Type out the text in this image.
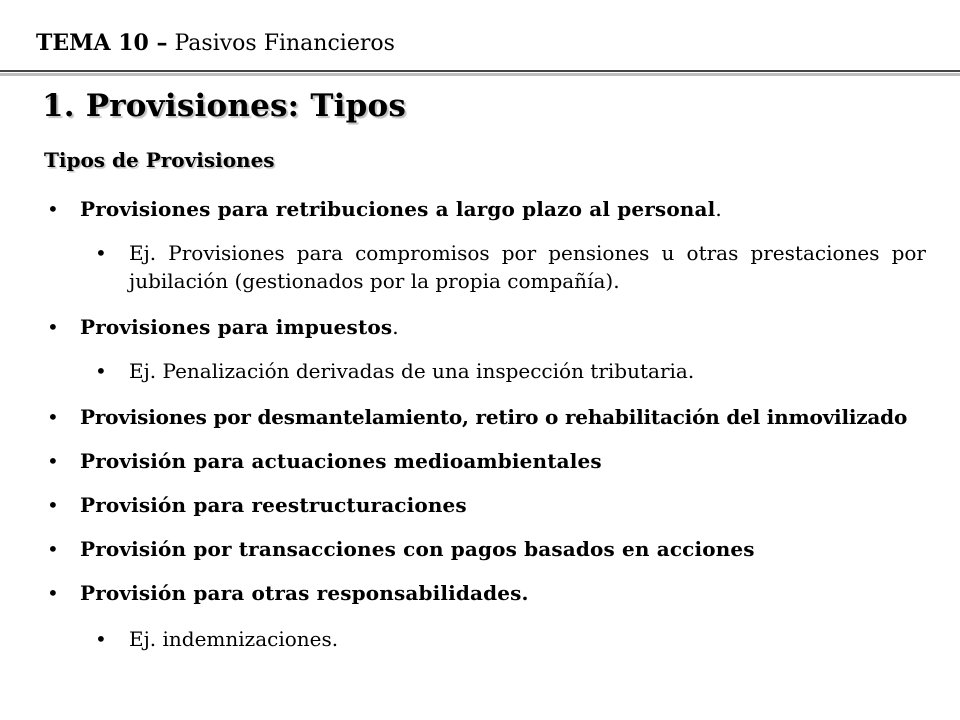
TEMA 10 – Pasivos Financieros
1. Provisiones: Tipos
Tipos de Provisiones
• Provisiones para retribuciones a largo plazo al personal.
• Ej. Provisiones para compromisos por pensiones u otras prestaciones por jubilación (gestionados por la propia compañía).
• Provisiones para impuestos.
• Ej. Penalización derivadas de una inspección tributaria.
• Provisiones por desmantelamiento, retiro o rehabilitación del inmovilizado
• Provisión para actuaciones medioambientales
• Provisión para reestructuraciones
• Provisión por transacciones con pagos basados en acciones
• Provisión para otras responsabilidades.
• Ej. indemnizaciones.
